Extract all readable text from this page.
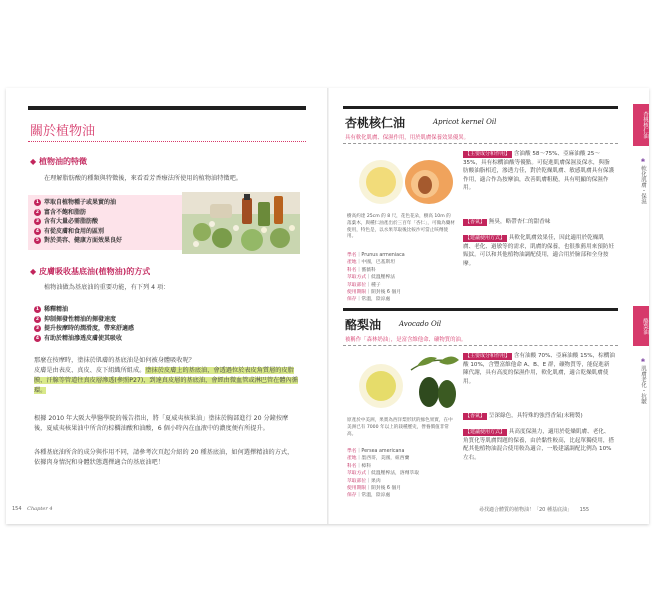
關於植物油
◆ 植物油的特徵
在理解脂肪酸的種類與特徵後，來看看芳香療法所使用的植物油特徵吧。
1 萃取自植物種子或果實的油
2 富含不飽和脂肪
3 含有大量必需脂肪酸
4 有從皮膚和食用的區別
5 對於美容、健康方面效果良好
◆ 皮膚吸收基底油(植物油)的方式
植物油做為基底油的重要功能，有下列 4 項：
1 稀釋精油
2 抑制揮發性精油的揮發速度
3 提升按摩時的潤滑度，帶來舒適感
4 有助於精油滲透皮膚使其吸收
那麼在按摩時，塗抹於肌膚的基底油是如何被身體吸收呢？
皮膚是由表皮、真皮、皮下組織所組成。塗抹於皮膚上的基底油，會透過位於表皮角質層的皮脂膜、汗腺等管道往真皮層滲透(參照P27)，到達真皮層的基底油，會經由微血管或淋巴管在體內循環。
根據 2010 年大阪大學醫學院的報告指出，將「夏威夷核果油」塗抹於胸部進行 20 分鐘按摩後，夏威夷核果油中所含的棕櫚油酸和油酸，6 個小時內在血液中的濃度便有所提升。
各種基底油所含的成分與作用不同，請參考次頁起介紹的 20 種基底油，如何選擇精油的方式，依據肉身情況和身體狀態選擇適合的基底油吧！
154 Chapter 4
杏桃核仁油	Apricot kernel Oil
具有軟化肌膚、保濕作用，用於肌膚保養效果優異。
樹高約達 25cm 的 8 尺，花色花朵，樹高 10m 的落葉木，與種仁油產出於三百年「杏仁」，可做為藥材使用，特色是，以水果萃取後比較沙可當止咳劑使用。
學名｜Prunus armeniaca
產地｜中國，巴基斯坦
科名｜薔薇科
萃取方式｜低溫壓榨法
萃取部位｜種子
使用期限｜開封後 6 個月
保存｜常溫，陰涼處
【主要成分和作用】 含油酸 58～75%、亞麻油酸 25～35%，具有棕櫚油酸等優點。可促進肌膚保濕及保水，與脂肪酸油脂相近，滲透力佳，對於乾燥肌膚、敏感肌膚具有保護作用，適合作為按摩油，改善肌膚粗糙，具有明顯的保濕作用。
【香氣】 無臭，略帶杏仁的甜香味
【建議使用方式】 具軟化肌膚效果佳，因此適用於乾燥肌膚、老化、過敏等的需求，肌膚的保養，也很推薦用來預防妊娠紋。可以和其他植物油調配使用，適合用於臉部和全身按摩。
酪梨油	Avocado Oil
被稱作「森林奶油」，是富含維他命、礦物質的油。
原產於中美洲，果實為西洋梨形狀的綠色果實，在中美洲已有 7000 年以上的栽種歷史，營養價值非常高。
學名｜Persea americana
產地｜墨西哥，美國，紐西蘭
科名｜樟科
萃取方式｜低溫壓榨法，溶劑萃取
萃取部位｜果肉
使用期限｜開封後 6 個月
保存｜常溫，陰涼處
【主要成分和作用】 含有油酸 70%、亞麻油酸 15%，棕櫚油酸 10%，含豐富維他命 A、B、E 群，礦物質等，能促進新陳代謝，具有高度的保濕作用，軟化肌膚，適合乾燥肌膚使用。
【香氣】 呈深綠色，具特殊的強烈香氣(未精製)
【建議使用方式】 具高度保濕力，適用於乾燥肌膚、老化、角質化等肌膚問題的保養，由於黏性較高，比起單獨使用，搭配其他植物油混合使用較為適合，一般建議調配比例為 10% 左右。
杏桃核仁油
❀ 軟化肌膚・保濕
酪梨油
❀ 肌膚老化・抗皺
尋找適合體質的植物油！「20 種基底油」 155
